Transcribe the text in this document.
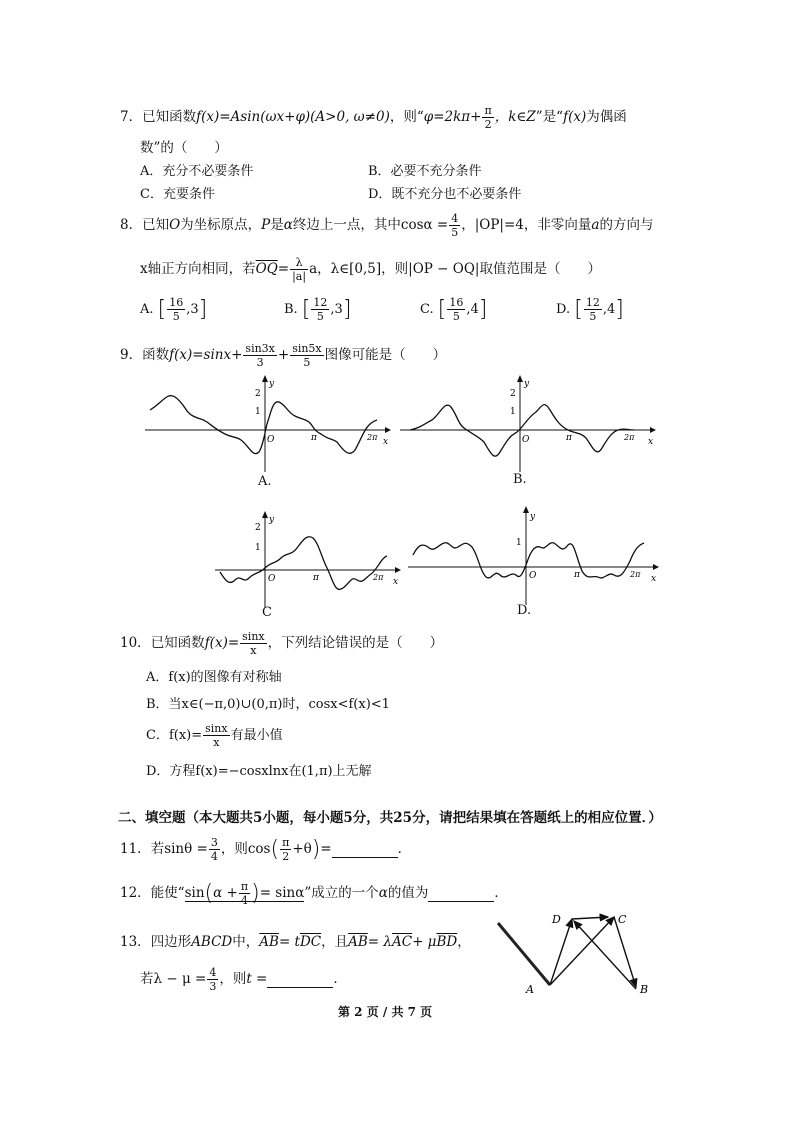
7．已知函数f(x)=Asin(ωx+φ)(A>0, ω≠0)，则“$\varphi=2k\pi+ \frac{\pi}{2}$ ，k∈Z”是“f(x)为偶函
数”的（　　）
A．充分不必要条件	B．必要不充分条件
C．充要条件	D．既不充分也不必要条件
8．已知O为坐标原点，P是α终边上一点，其中$\cos\alpha = \frac{4}{5}$ ，|OP|=4，非零向量a的方向与
x轴正方向相同，若$\overline{OQ}= \frac{\lambda}{|a|}$ a，λ∈[0,5]，则|OP − OQ|取值范围是（　　）
A. [ $\frac{16}{5} ,3$]	B. [ $\frac{12}{5} ,3$]	C. [ $\frac{16}{5} ,4$]	D. [ $\frac{12}{5} ,4$]
9．函数$f(x)=\sin x+ \frac{\sin 3x}{3} + \frac{\sin 5x}{5}$ 图像可能是（　　）
y
2
1
O	π	2π x
A.
y
2
1
O	π	2π x
B.
y
2
1
O	π	2π x
C
y
1
O	π	2π x
D.
10．已知函数$f(x)= \frac{\sin x}{x}$ ，下列结论错误的是（　　）
A．f(x)的图像有对称轴
B．当x∈(−π,0)∪(0,π)时，cosx<f(x)<1
C．$f(x)= \frac{\sin x}{x}$ 有最小值
D．方程f(x)=−cosxlnx在(1,π)上无解
二、填空题（本大题共5小题，每小题5分，共25分，请把结果填在答题纸上的相应位置．）
11．若$\sin\theta = \frac{3}{4}$ ，则$\cos( \frac{\pi}{2} +\theta)=$	．
12．能使“$\sin(\alpha + \frac{\pi}{4}$ )= sinα”成立的一个α的值为	．
13．四边形ABCD中，$\overline{AB}= t\overline{DC}$，且$\overline{AB}= \lambda\overline{AC}+ \mu\overline{BD}$，
若$\lambda - \mu = \frac{4}{3}$ ，则t =	．
A	B
C
D
第 2 页 / 共 7 页
